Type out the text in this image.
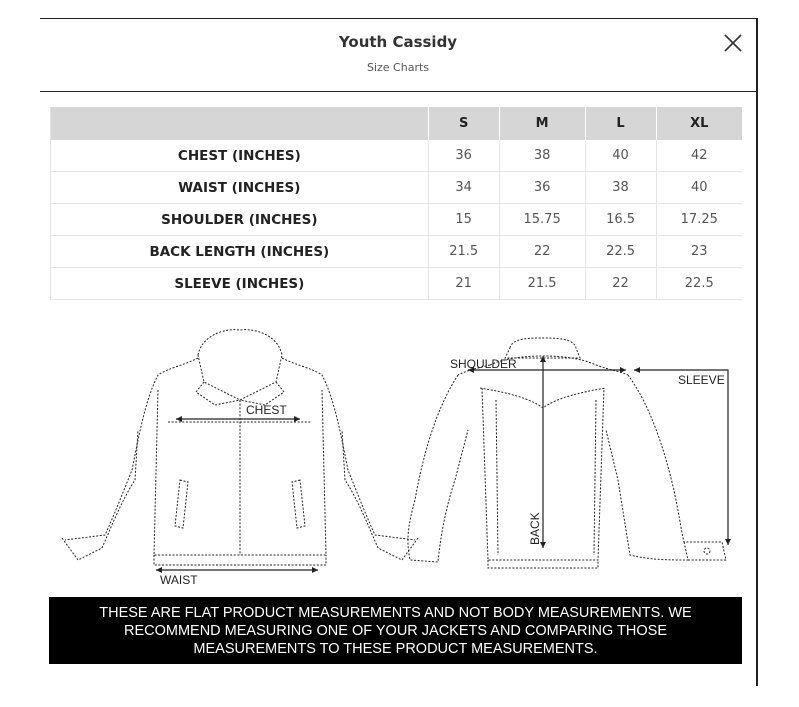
Youth Cassidy
Size Charts
	S	M	L	XL
CHEST (INCHES)	36	38	40	42
WAIST (INCHES)	34	36	38	40
SHOULDER (INCHES)	15	15.75	16.5	17.25
BACK LENGTH (INCHES)	21.5	22	22.5	23
SLEEVE (INCHES)	21	21.5	22	22.5
CHEST
WAIST
SHOULDER
BACK
SLEEVE
THESE ARE FLAT PRODUCT MEASUREMENTS AND NOT BODY MEASUREMENTS. WE RECOMMEND MEASURING ONE OF YOUR JACKETS AND COMPARING THOSE MEASUREMENTS TO THESE PRODUCT MEASUREMENTS.
